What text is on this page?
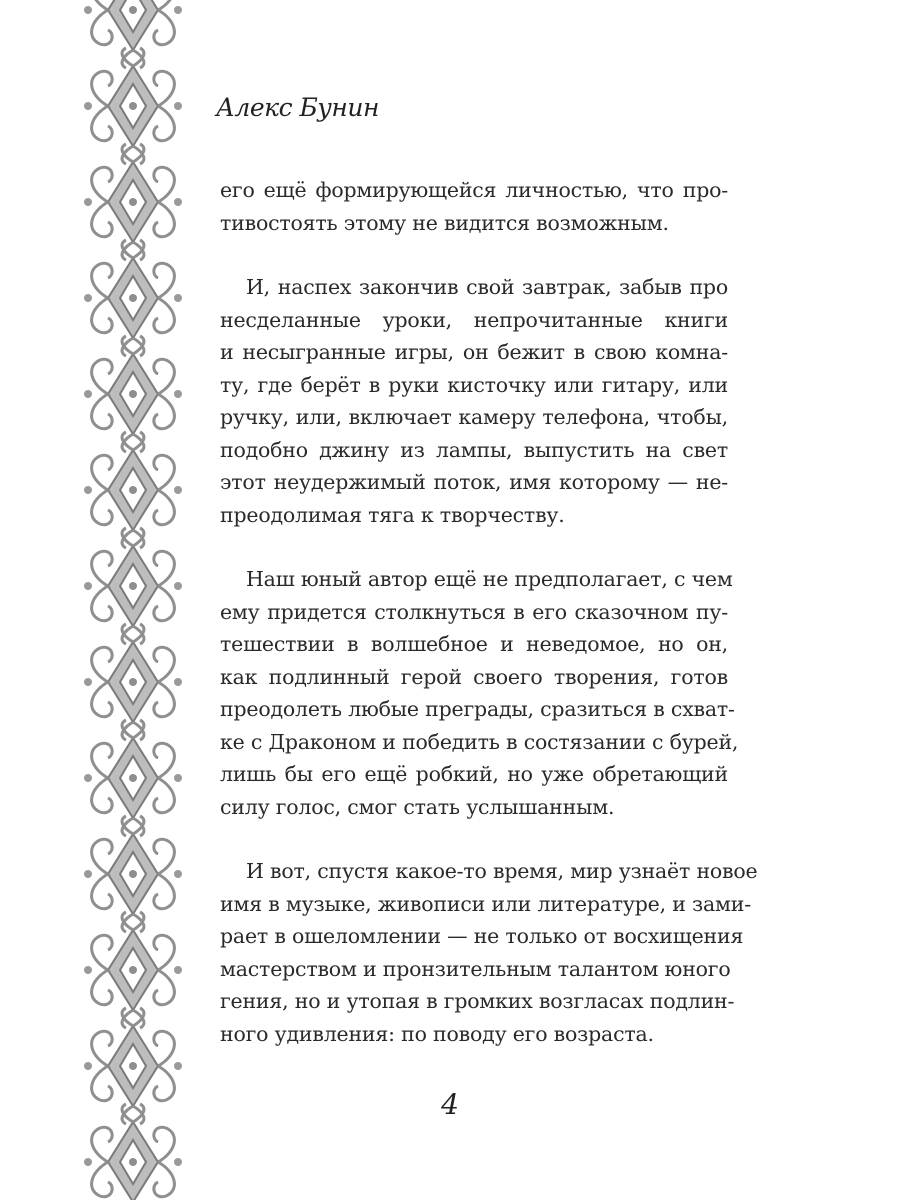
Алекс Бунин
его ещё формирующейся личностью, что про-
тивостоять этому не видится возможным.
И, наспех закончив свой завтрак, забыв про
несделанные уроки, непрочитанные книги
и несыгранные игры, он бежит в свою комна-
ту, где берёт в руки кисточку или гитару, или
ручку, или, включает камеру телефона, чтобы,
подобно джину из лампы, выпустить на свет
этот неудержимый поток, имя которому — не-
преодолимая тяга к творчеству.
Наш юный автор ещё не предполагает, с чем
ему придется столкнуться в его сказочном пу-
тешествии в волшебное и неведомое, но он,
как подлинный герой своего творения, готов
преодолеть любые преграды, сразиться в схват-
ке с Драконом и победить в состязании с бурей,
лишь бы его ещё робкий, но уже обретающий
силу голос, смог стать услышанным.
И вот, спустя какое-то время, мир узнаёт новое
имя в музыке, живописи или литературе, и зами-
рает в ошеломлении — не только от восхищения
мастерством и пронзительным талантом юного
гения, но и утопая в громких возгласах подлин-
ного удивления: по поводу его возраста.
4
